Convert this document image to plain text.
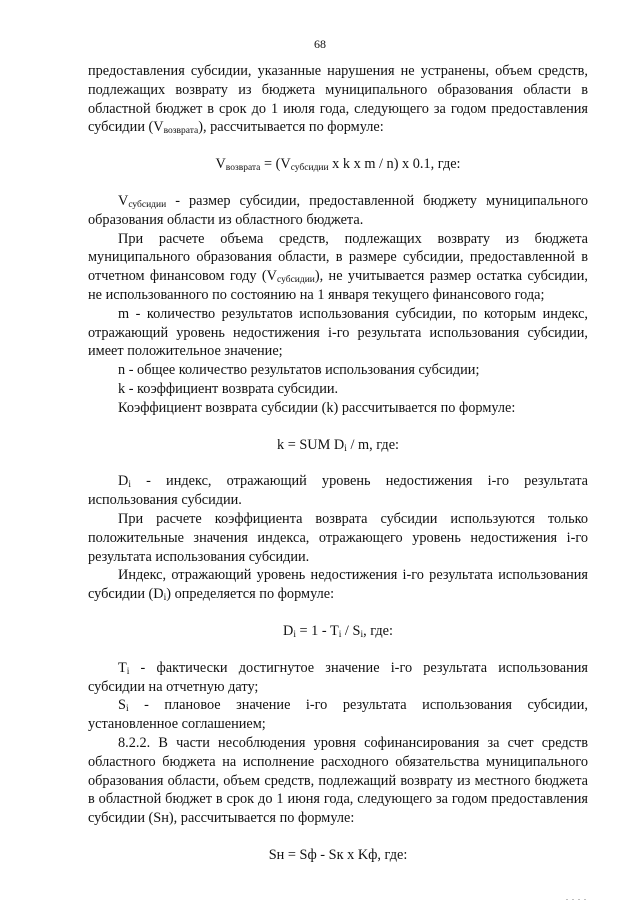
68

предоставления субсидии, указанные нарушения не устранены, объем средств, подлежащих возврату из бюджета муниципального образования области в областной бюджет в срок до 1 июля года, следующего за годом предоставления субсидии $(V_{возврата})$, рассчитывается по формуле:

$V_{возврата} = (V_{субсидии}$ x k x m / n) x 0.1, где:

$V_{субсидии}$ - размер субсидии, предоставленной бюджету муниципального образования области из областного бюджета.

При расчете объема средств, подлежащих возврату из бюджета муниципального образования области, в размере субсидии, предоставленной в отчетном финансовом году $(V_{субсидии})$, не учитывается размер остатка субсидии, не использованного по состоянию на 1 января текущего финансового года;

m - количество результатов использования субсидии, по которым индекс, отражающий уровень недостижения i-го результата использования субсидии, имеет положительное значение;

n - общее количество результатов использования субсидии;

k - коэффициент возврата субсидии.

Коэффициент возврата субсидии (k) рассчитывается по формуле:

k = SUM $D_i$ / m, где:

$D_i$ - индекс, отражающий уровень недостижения i-го результата использования субсидии.

При расчете коэффициента возврата субсидии используются только положительные значения индекса, отражающего уровень недостижения i-го результата использования субсидии.

Индекс, отражающий уровень недостижения i-го результата использования субсидии $(D_i)$ определяется по формуле:

$D_i = 1 - T_i / S_i$, где:

$T_i$ - фактически достигнутое значение i-го результата использования субсидии на отчетную дату;

$S_i$ - плановое значение i-го результата использования субсидии, установленное соглашением;

8.2.2. В части несоблюдения уровня софинансирования за счет средств областного бюджета на исполнение расходного обязательства муниципального образования области, объем средств, подлежащий возврату из местного бюджета в областной бюджет в срок до 1 июня года, следующего за годом предоставления субсидии (Sн), рассчитывается по формуле:

Sн = Sф - Sк x Kф, где:

. . . .
